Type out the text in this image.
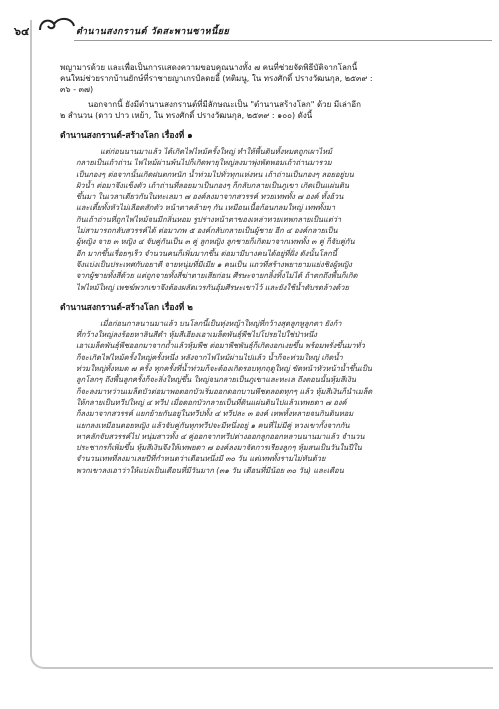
๖๔	ตำนานสงกรานต์ วัดสะพานซาหนี้ยย
พญามารด้วย และเพื่อเป็นการแสดงความขอบคุณนางทั้ง ๗ คนที่ช่วยจัดพิธีบัติจากโลกนี้
คนใหม่ช่วยรากบ้านยักษ์ที่ราชายญาเกรป์ลดยอี้ (ทติมนู, ใน ทรงศักดิ์ ปรางวัฒนกุล, ๒๕๓๙ :
๓๖ - ๓๗)
นอกจากนี้ ยังมีตำนานสงกรานต์ที่มีลักษณะเป็น "ตำนานสร้างโลก" ด้วย มีเล่าอีก
๒ สำนวน (ดาว ปาว เหย้า, ใน ทรงศักดิ์ ปรางวัฒนกุล, ๒๕๓๙ : ๑๐๐) ดังนี้
ตำนานสงกรานต์-สร้างโลก เรื่องที่ ๑
แต่ก่อนนานมาแล้ว ได้เกิดไฟไหม้ครั้งใหญ่ ทำให้พื้นดินทั้งหมดถูกเผาไหม้
กลายเป็นเถ้าถ่าน ไฟไหม้ผ่านพ้นไปก็เกิดพายุใหญ่ลงมาพุ่งพัดพอมเถ้าถ่านมารวม
เป็นกองๆ ต่อจากนั้นเกิดฝนตกหนัก น้ำท่วมไปทั่วทุกแห่งหน เถ้าถ่านเป็นกองๆ ลอยอยู่บน
ผิวน้ำ ต่อมาจึงแข็งตัว เถ้าถ่านที่ลอยมาเป็นกองๆ ก็กลับกลายเป็นภูเขา เกิดเป็นแผ่นดิน
ขึ้นมา ในเวลาเดียวกันในทะเลมา ๗ องค์ลงมาจากสวรรค์ ทวยเทพทั้ง ๗ องค์ ทั้งอ้วน
และเตี้ยทั้งหัวไม่เลือดสักตัว หน้าตาคล้ายๆ กัน เหมือนเนื้อก้อนกลมใหญ่ เทพทั้งมา
กินเถ้าถ่านที่ถูกไฟไหม้จนมีกลิ่นหอม รูปร่างหน้าตาของเหล่าทวยเทพกลายเป็นแต่ว่า
ไม่สามารถกลับสวรรค์ได้ ต่อมาภพ ๕ องค์กลับกลายเป็นผู้ชาย อีก ๔ องค์กลายเป็น
ผู้หญิง จาย ๓ หญิง ๔ จับคู่กันเป็น ๓ คู่ ลูกหญิง ลูกชายก็เกิดมาจากเทพทั้ง ๓ คู่ ก็จับคู่กัน
อีก มากขึ้นเรื่อยๆเร็ว จำนวนคนก็เพิ่มมากขึ้น ต่อมามีบางคนได้อยู่ที่ฝั่ง ดังนั้นโลกนี้
จึงแบ่งเป็นประเทศกับอยาดี จายหนุ่มที่มีเมีย ๑ คนเป็น แถวที่สร้างพยายามแย่งชิงผู้หญิง
จากผู้ชายทั้งสี่ด้วย แต่ถูกจายทั้งสี่ฆ่าตายเสียก่อน ศีรษะจายกลิ้งทิ้งไม่ได้ ถ้าตกถึงพื้นก็เกิด
ไฟไหม้ใหญ่ เพชฆ์พวกเขาจึงต้องผลัดเวรกันอุ้มศีรษะเขาไว้ และยังใช้น้ำดับรดล้างด้วย
ตำนานสงกรานต์-สร้างโลก เรื่องที่ ๒
เมื่อก่อนกาลนานมาแล้ว บนโลกนี้เป็นทุ่งหญ้าใหญ่ที่กว้างสุดลูกหูลูกตา ยังก้า
ที่กว้างใหญ่ลงร้อยหาลินสีดำ หุ้มสีเอียงเอาเมล็ดพันธุ์พืชไปโปรยไปใช่ป่าหนึ่ง
เอาเมล็ดพันธุ์พืชออกมาจากถ้ำแล้วหุ้มพืช ต่อมาพืชพันธุ์ก็เกิดงอกเงยขึ้น พร้อมพรั่งขึ้นมาทั่ว
ก็จะเกิดไฟไหม้ครั้งใหญ่ครั้งหนึ่ง หลังจากไฟไหม้ผ่านไปแล้ว น้ำก็จะท่วมใหญ่ เกิดน้ำ
ท่วมใหญ่ทั้งหมด ๗ ครั้ง ทุกครั้งที่น้ำท่วมก็จะต้องเกิดรอบทุกฤดูใหญ่ ขัดหน้าหัวหน้าน้ำขึ้นเป็น
ลูกโลกๆ ถึงพื้นลูกครั้งก็จะลิ่งใหญ่ขึ้น ใหญ่จนกลายเป็นภูเขาและทะเล ถึงตอนนั้นหุ้มสีเงิน
ก็จะลงมาหว่านเมล็ดบัวต่อมาพอตอกบัวเริ่มออกดอกบานพืชตลอดทุกๆ แล้ว หุ้มสีเงินก็นำเมล็ด
ให้กลายเป็นทวีปใหญ่ ๔ ทวีป เมื่อดอกบัวกลายเป็นที่ดินแผ่นดินไปแล้วเทพยดา ๗ องค์
ก็ลงมาจากสวรรค์ แยกย้ายกันอยู่ในทวีปทั้ง ๔ ทวีปละ ๓ องค์ เทพทั้งหลายจนกินดินทอม
แยกลงเหมือนดอยหญิง แล้วจับคู่กันทุกทวีปจะมีหนึ่งอยู่ ๑ คนที่ไม่มีคู่ หวงเขากั้งจากกัน
หาคลักจับสวรรค์ไป หนุ่มสาวทั้ง ๔ คู่ออกจากทวีปต่างออกลูกออกหลานนานมาแล้ว จำนวน
ประชากรก็เพิ่มขึ้น หุ้มสีเงินจึงให้เทพยดา ๗ องค์ลงมาจัดการเรียงลูกๆ หุ้มสนเป็นวันในปีใน
จำนวนเทพที่ลงมาเลยปีที่กำหนดว่าเดือนหนึ่งมี ๓๐ วัน แต่เทพทั้งรามไม่ทันด้วย
พวกเขาลงเอาว่าให้แบ่งเป็นเดือนที่มีวันมาก (๓๑ วัน เดือนที่มีน้อย ๓๐ วัน) และเดือน
